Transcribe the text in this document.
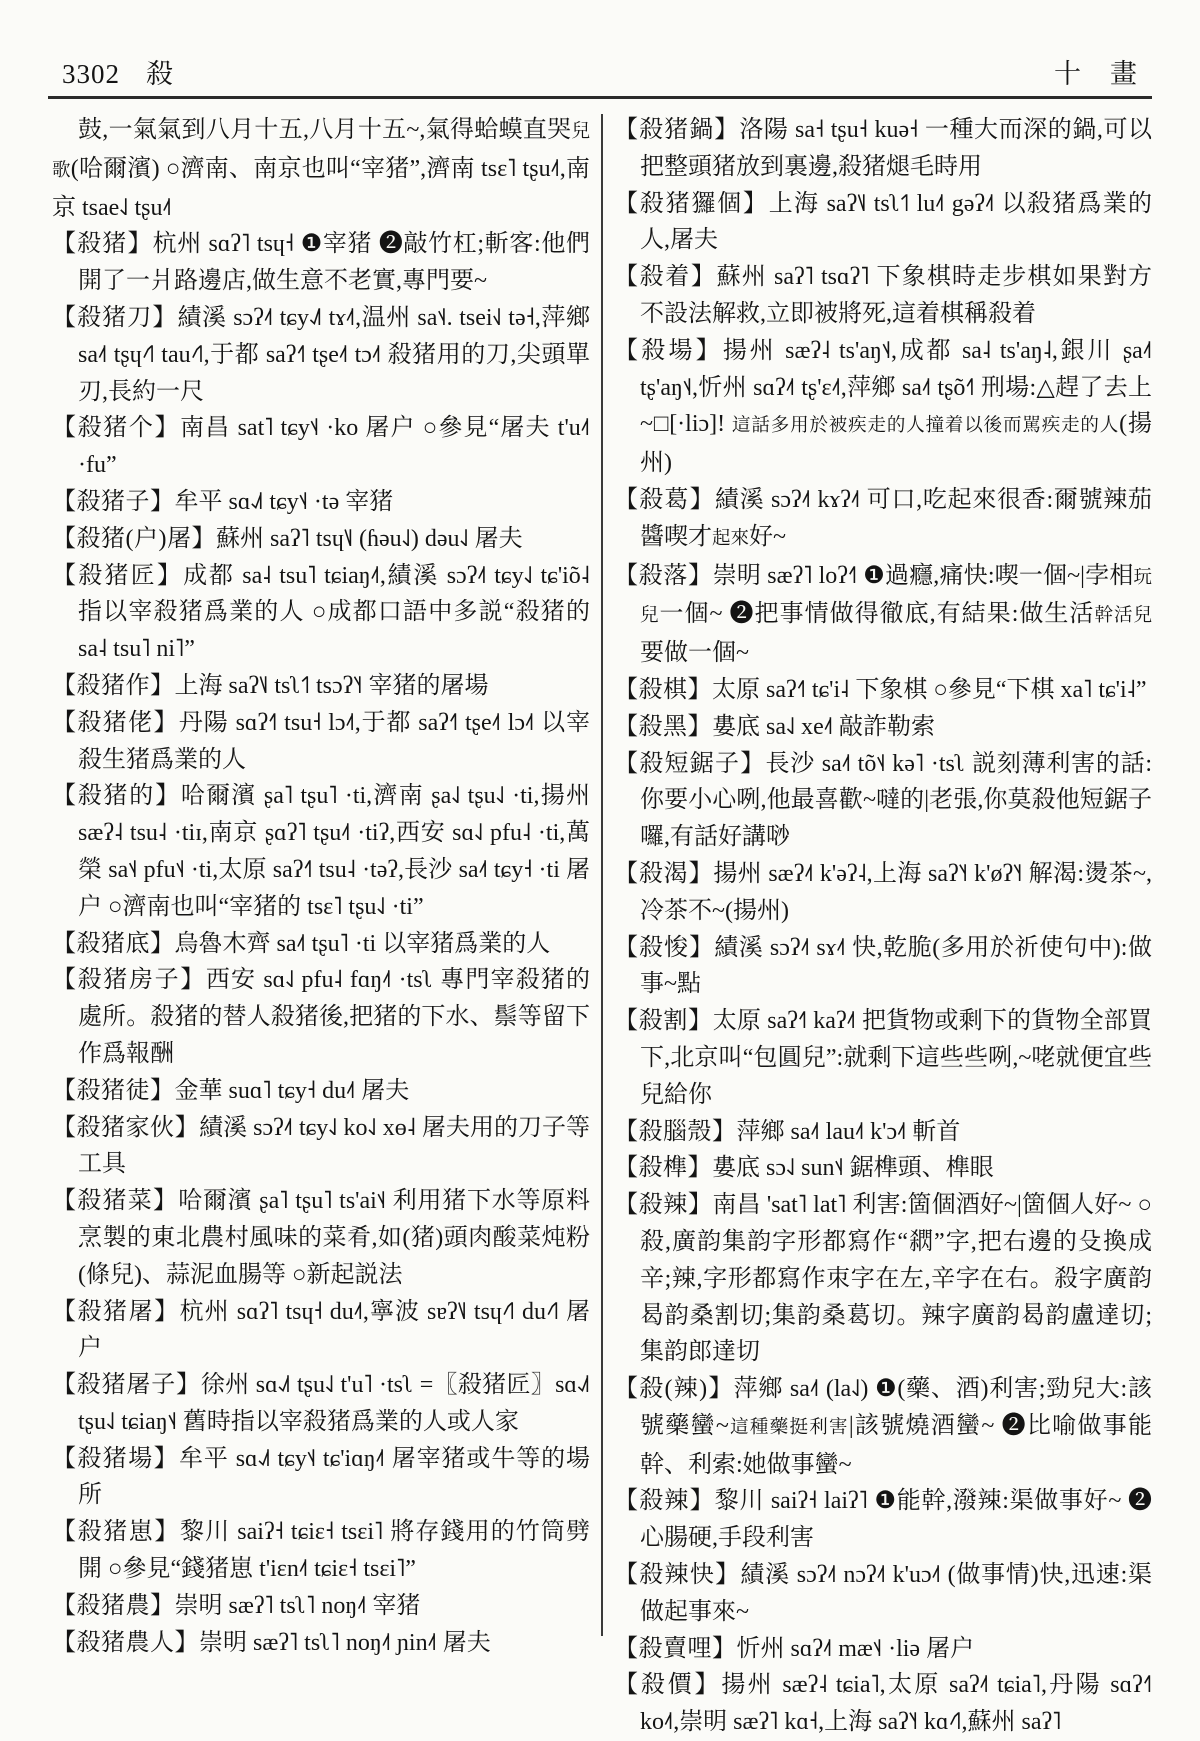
3302 殺	十　畫

鼓,一氣氣到八月十五,八月十五~,氣得蛤蟆直哭兒歌(哈爾濱) ○濟南、南京也叫“宰猪”,濟南 tsɛ˥ tʂu˨˦,南京 tsae˨˩ tʂu˨˦

【殺猪】杭州 sɑʔ˥ tsɥ˧ ❶宰猪 ❷敲竹杠;斬客:他們開了一爿路邊店,做生意不老實,專門要~

【殺猪刀】績溪 sɔʔ˨˦ tɕy˨˩˥ tɤ˨˦,温州 sa˦˨. tsei˧˩ tə˧,萍鄉 sa˨˦ tʂɥ˨˦˥ tau˨˦˥,于都 saʔ˧˥ tʂe˨˦ tɔ˨˦ 殺猪用的刀,尖頭單刃,長約一尺

【殺猪个】南昌 sat˥ tɕy˦˨ ·ko 屠户 ○參見“屠夫 t'u˨˦ ·fu”

【殺猪子】牟平 sɑ˨˩˦ tɕy˦˨ ·tə 宰猪

【殺猪(户)屠】蘇州 saʔ˥ tsɥ˥˩ (ɦəu˨˩) dəu˨˩ 屠夫

【殺猪匠】成都 sa˨ tsu˥ tɕiaŋ˨˦,績溪 sɔʔ˨˦ tɕy˨˩ tɕ'iõ˨ 指以宰殺猪爲業的人 ○成都口語中多説“殺猪的 sa˨ tsu˥ ni˥”

【殺猪作】上海 saʔ˥˩ tsʅ˦˥ tsɔʔ˥˧ 宰猪的屠場

【殺猪佬】丹陽 sɑʔ˧˥ tsu˧ lɔ˨˦,于都 saʔ˧˥ tʂe˨˦ lɔ˨˦ 以宰殺生猪爲業的人

【殺猪的】哈爾濱 ʂa˥ tʂu˥ ·ti,濟南 ʂa˨˩ tʂu˨˩ ·ti,揚州 sæʔ˨ tsu˨ ·tiɪ,南京 ʂɑʔ˥ tʂu˨˦ ·tiʔ,西安 sɑ˨˩ pfu˨ ·ti,萬榮 sa˦˨ pfu˦˨ ·ti,太原 saʔ˧˥ tsu˨ ·təʔ,長沙 sa˨˦ tɕy˧ ·ti 屠户 ○濟南也叫“宰猪的 tsɛ˥ tʂu˨˩ ·ti”

【殺猪底】烏魯木齊 sa˨˦ tʂu˥ ·ti 以宰猪爲業的人

【殺猪房子】西安 sɑ˨˩ pfu˨ fɑŋ˨˦ ·tsʅ 專門宰殺猪的處所。殺猪的替人殺猪後,把猪的下水、鬃等留下作爲報酬

【殺猪徒】金華 suɑ˥ tɕy˧ du˨˦ 屠夫

【殺猪家伙】績溪 sɔʔ˨˦ tɕy˨˩ ko˨˩ xɵ˨ 屠夫用的刀子等工具

【殺猪菜】哈爾濱 ʂa˥ tʂu˥ ts'ai˦˨ 利用猪下水等原料烹製的東北農村風味的菜肴,如(猪)頭肉酸菜炖粉(條兒)、蒜泥血腸等 ○新起説法

【殺猪屠】杭州 sɑʔ˥ tsɥ˧ du˨˦,寧波 sɐʔ˥˩ tsɥ˨˦˥ du˨˦˥ 屠户

【殺猪屠子】徐州 sɑ˨˩˦ tʂu˨˩ t'u˥ ·tsʅ =〖殺猪匠〗sɑ˨˩˦ tʂu˨˩ tɕiaŋ˦˨ 舊時指以宰殺猪爲業的人或人家

【殺猪場】牟平 sɑ˨˩˦ tɕy˦˨ tɕ'iɑŋ˨˦ 屠宰猪或牛等的場所

【殺猪崽】黎川 saiʔ˧ tɕiɛ˧ tsɛi˥ 將存錢用的竹筒劈開 ○參見“錢猪崽 t'iɛn˨˦ tɕiɛ˧ tsɛi˥”

【殺猪農】崇明 sæʔ˥ tsʅ˥ noŋ˨˦ 宰猪

【殺猪農人】崇明 sæʔ˥ tsʅ˥ noŋ˨˦ ɲin˨˦ 屠夫

【殺猪鍋】洛陽 sa˧ tʂu˧ kuə˧ 一種大而深的鍋,可以把整頭猪放到裏邊,殺猪煺毛時用

【殺猪玀個】上海 saʔ˥˩ tsʅ˦˥ lu˨˦ gəʔ˨˦ 以殺猪爲業的人,屠夫

【殺着】蘇州 saʔ˥ tsɑʔ˥ 下象棋時走步棋如果對方不設法解救,立即被將死,這着棋稱殺着

【殺場】揚州 sæʔ˨ ts'aŋ˦˨,成都 sa˨ ts'aŋ˨,銀川 ʂa˨˦ tʂ'aŋ˦˨,忻州 sɑʔ˨˦ tʂ'ɛ˨˦,萍鄉 sa˨˦ tʂõ˧˥ 刑場:△趕了去上~□[·liɔ]! 這話多用於被疾走的人撞着以後而駡疾走的人(揚州)

【殺葛】績溪 sɔʔ˨˦ kɤʔ˨˦ 可口,吃起來很香:爾號辣茄醬喫才起來好~

【殺落】崇明 sæʔ˥ loʔ˧˥ ❶過癮,痛快:喫一個~|孛相玩兒一個~ ❷把事情做得徹底,有結果:做生活幹活兒要做一個~

【殺棋】太原 saʔ˧˥ tɕ'i˨ 下象棋 ○參見“下棋 xa˥ tɕ'i˨”

【殺黑】婁底 sa˨˩ xe˨˦ 敲詐勒索

【殺短鋸子】長沙 sa˨˦ tõ˦˨ kə˥ ·tsʅ 説刻薄利害的話:你要小心咧,他最喜歡~噠的|老張,你莫殺他短鋸子囉,有話好講唦

【殺渴】揚州 sæʔ˨˦ k'əʔ˨,上海 saʔ˥˧ k'øʔ˥˧ 解渴:燙茶~,冷茶不~(揚州)

【殺悛】績溪 sɔʔ˨˦ sɤ˨˦ 快,乾脆(多用於祈使句中):做事~點

【殺割】太原 saʔ˧˥ kaʔ˨˦ 把貨物或剩下的貨物全部買下,北京叫“包圓兒”:就剩下這些些咧,~咾就便宜些兒給你

【殺腦殼】萍鄉 sa˨˦ lau˨˦ k'ɔ˨˦ 斬首

【殺榫】婁底 sɔ˨˩ sun˦˨ 鋸榫頭、榫眼

【殺辣】南昌 'sat˥ lat˥ 利害:箇個酒好~|箇個人好~ ○殺,廣韵集韵字形都寫作“閷”字,把右邊的殳換成辛;辣,字形都寫作朿字在左,辛字在右。殺字廣韵曷韵桑割切;集韵桑葛切。辣字廣韵曷韵盧達切;集韵郎達切

【殺(辣)】萍鄉 sa˨˦ (la˨˩) ❶(藥、酒)利害;勁兒大:該號藥蠻~這種藥挺利害|該號燒酒蠻~ ❷比喻做事能幹、利索:她做事蠻~

【殺辣】黎川 saiʔ˧ laiʔ˥ ❶能幹,潑辣:渠做事好~ ❷心腸硬,手段利害

【殺辣快】績溪 sɔʔ˨˦ nɔʔ˨˦ k'uɔ˨˦ (做事情)快,迅速:渠做起事來~

【殺賣哩】忻州 sɑʔ˨˦ mæ˦˨ ·liə 屠户

【殺價】揚州 sæʔ˨ tɕia˥,太原 saʔ˨˦ tɕia˥,丹陽 sɑʔ˧˥ ko˨˦,崇明 sæʔ˥ kɑ˧,上海 saʔ˥˧ kɑ˨˦˥,蘇州 saʔ˥
